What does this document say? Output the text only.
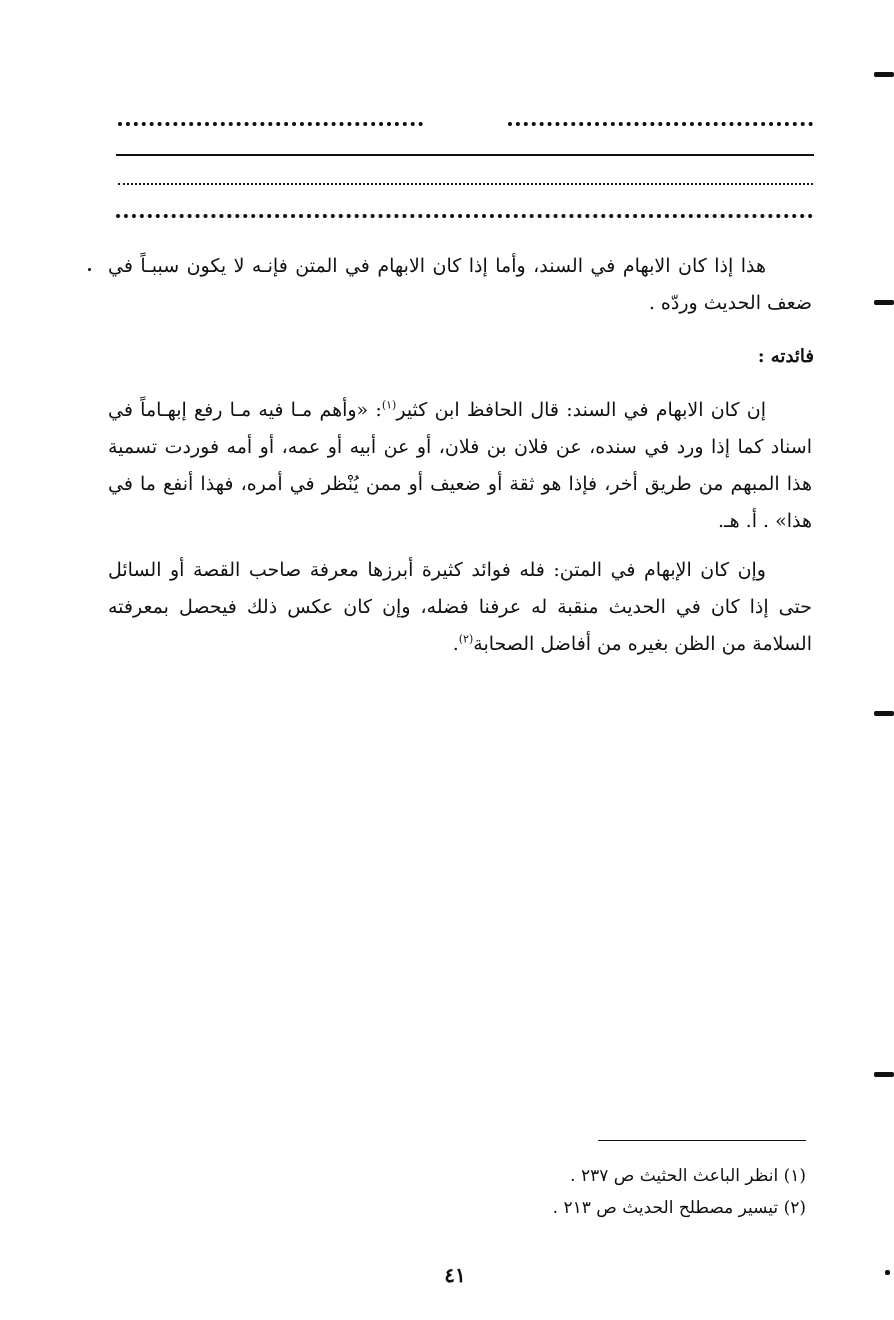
هذا إذا كان الابهام في السند، وأما إذا كان الابهام في المتن فإنـه لا يكون سببـاً في ضعف الحديث وردّه .
فائدته :
إن كان الابهام في السند: قال الحافظ ابن كثير$^{(١)}$: «وأهم مـا فيه مـا رفع إبهـاماً في اسناد كما إذا ورد في سنده، عن فلان بن فلان، أو عن أبيه أو عمه، أو أمه فوردت تسمية هذا المبهم من طريق أخر، فإذا هو ثقة أو ضعيف أو ممن يُنْظر في أمره، فهذا أنفع ما في هذا» . أ. هـ.
وإن كان الإبهام في المتن: فله فوائد كثيرة أبرزها معرفة صاحب القصة أو السائل حتى إذا كان في الحديث منقبة له عرفنا فضله، وإن كان عكس ذلك فيحصل بمعرفته السلامة من الظن بغيره من أفاضل الصحابة$^{(٢)}$.
(١) انظر الباعث الحثيث ص ٢٣٧ .
(٢) تيسير مصطلح الحديث ص ٢١٣ .
٤١
